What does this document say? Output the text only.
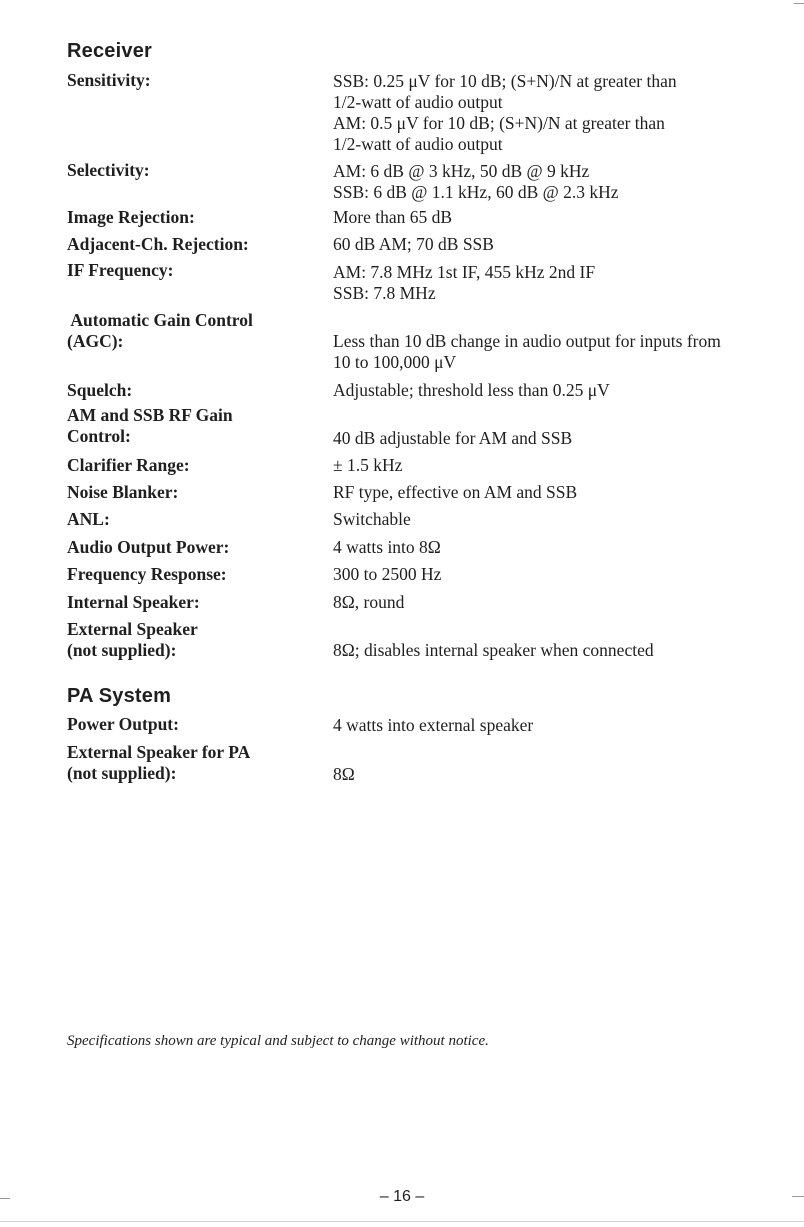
Receiver
Sensitivity:	SSB: 0.25 μV for 10 dB; (S+N)/N at greater than
1/2-watt of audio output
AM: 0.5 μV for 10 dB; (S+N)/N at greater than
1/2-watt of audio output
Selectivity:	AM: 6 dB @ 3 kHz, 50 dB @ 9 kHz
SSB: 6 dB @ 1.1 kHz, 60 dB @ 2.3 kHz
Image Rejection:	More than 65 dB
Adjacent-Ch. Rejection:	60 dB AM; 70 dB SSB
IF Frequency:	AM: 7.8 MHz 1st IF, 455 kHz 2nd IF
SSB: 7.8 MHz
Automatic Gain Control
(AGC):	Less than 10 dB change in audio output for inputs from
10 to 100,000 μV
Squelch:	Adjustable; threshold less than 0.25 μV
AM and SSB RF Gain
Control:	40 dB adjustable for AM and SSB
Clarifier Range:	± 1.5 kHz
Noise Blanker:	RF type, effective on AM and SSB
ANL:	Switchable
Audio Output Power:	4 watts into 8Ω
Frequency Response:	300 to 2500 Hz
Internal Speaker:	8Ω, round
External Speaker
(not supplied):	8Ω; disables internal speaker when connected
PA System
Power Output:	4 watts into external speaker
External Speaker for PA
(not supplied):	8Ω
Specifications shown are typical and subject to change without notice.
– 16 –
